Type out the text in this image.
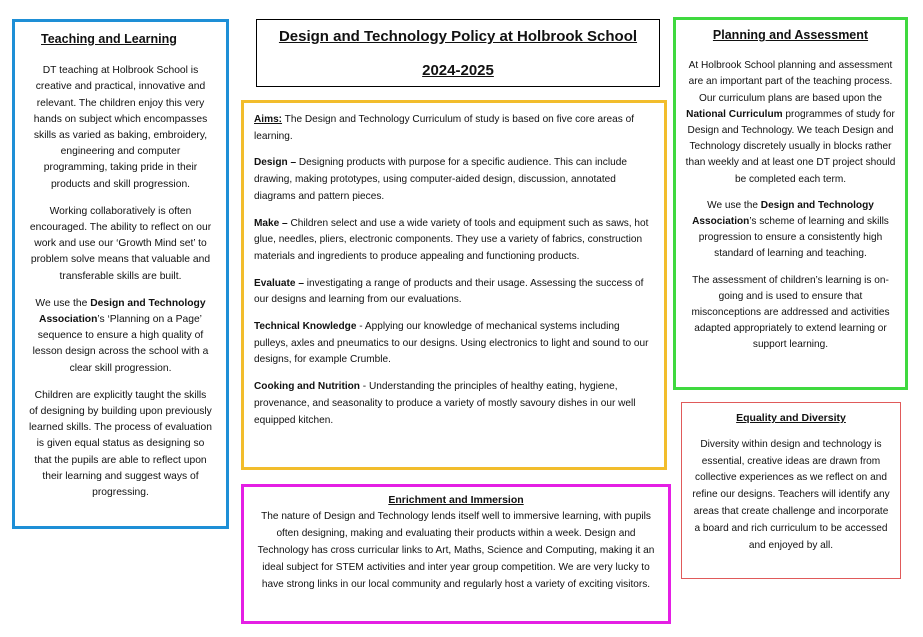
Design and Technology Policy at Holbrook School
2024-2025
Teaching and Learning

DT teaching at Holbrook School is creative and practical, innovative and relevant. The children enjoy this very hands on subject which encompasses skills as varied as baking, embroidery, engineering and computer programming, taking pride in their products and skill progression.

Working collaboratively is often encouraged. The ability to reflect on our work and use our ‘Growth Mind set’ to problem solve means that valuable and transferable skills are built.

We use the Design and Technology Association’s ‘Planning on a Page’ sequence to ensure a high quality of lesson design across the school with a clear skill progression.

Children are explicitly taught the skills of designing by building upon previously learned skills. The process of evaluation is given equal status as designing so that the pupils are able to reflect upon their learning and suggest ways of progressing.

Aims: The Design and Technology Curriculum of study is based on five core areas of learning.

Design – Designing products with purpose for a specific audience. This can include drawing, making prototypes, using computer-aided design, discussion, annotated diagrams and pattern pieces.

Make – Children select and use a wide variety of tools and equipment such as saws, hot glue, needles, pliers, electronic components. They use a variety of fabrics, construction materials and ingredients to produce appealing and functioning products.

Evaluate – investigating a range of products and their usage. Assessing the success of our designs and learning from our evaluations.

Technical Knowledge - Applying our knowledge of mechanical systems including pulleys, axles and pneumatics to our designs. Using electronics to light and sound to our designs, for example Crumble.

Cooking and Nutrition - Understanding the principles of healthy eating, hygiene, provenance, and seasonality to produce a variety of mostly savoury dishes in our well equipped kitchen.

Planning and Assessment

At Holbrook School planning and assessment are an important part of the teaching process.

Our curriculum plans are based upon the National Curriculum programmes of study for Design and Technology. We teach Design and Technology discretely usually in blocks rather than weekly and at least one DT project should be completed each term.

We use the Design and Technology Association’s scheme of learning and skills progression to ensure a consistently high standard of learning and teaching.

The assessment of children’s learning is on-going and is used to ensure that misconceptions are addressed and activities adapted appropriately to extend learning or support learning.

Equality and Diversity

Diversity within design and technology is essential, creative ideas are drawn from collective experiences as we reflect on and refine our designs. Teachers will identify any areas that create challenge and incorporate a board and rich curriculum to be accessed and enjoyed by all.

Enrichment and Immersion

The nature of Design and Technology lends itself well to immersive learning, with pupils often designing, making and evaluating their products within a week. Design and Technology has cross curricular links to Art, Maths, Science and Computing, making it an ideal subject for STEM activities and inter year group competition. We are very lucky to have strong links in our local community and regularly host a variety of exciting visitors.
